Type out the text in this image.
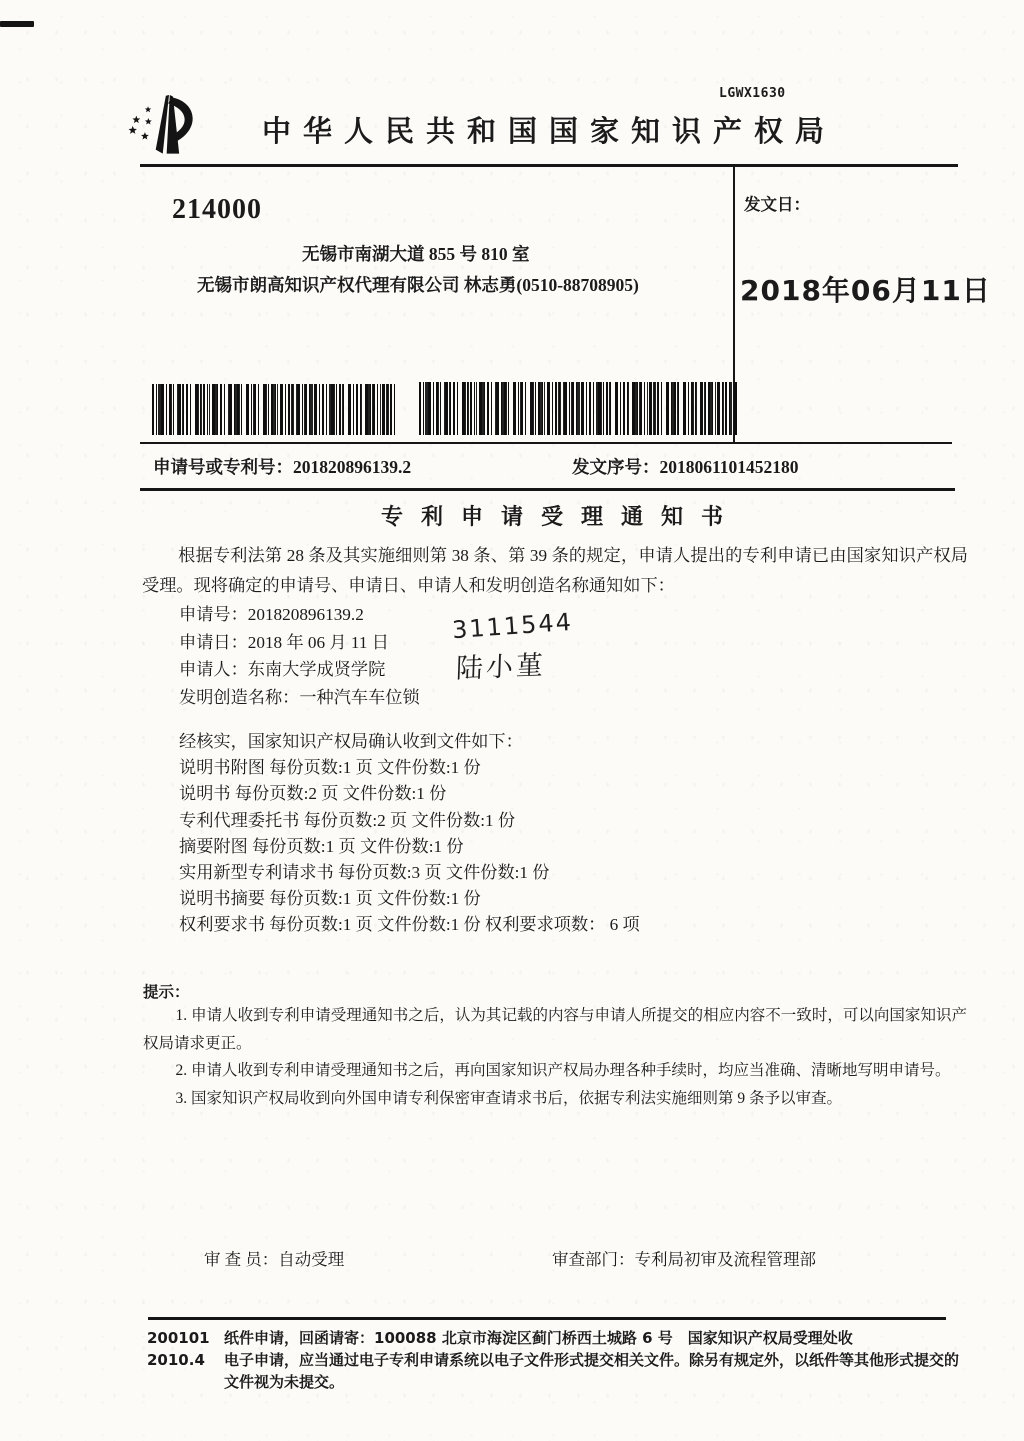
LGWX1630
中华人民共和国国家知识产权局
214000
无锡市南湖大道 855 号 810 室
无锡市朗高知识产权代理有限公司 林志勇(0510-88708905)
发文日：
2018年06月11日
申请号或专利号：201820896139.2	发文序号：2018061101452180
专利申请受理通知书

根据专利法第 28 条及其实施细则第 38 条、第 39 条的规定，申请人提出的专利申请已由国家知识产权局受理。现将确定的申请号、申请日、申请人和发明创造名称通知如下：

申请号：201820896139.2
申请日：2018 年 06 月 11 日
申请人：东南大学成贤学院
发明创造名称：一种汽车车位锁
3111544
陆小堇
经核实，国家知识产权局确认收到文件如下：
说明书附图 每份页数:1 页 文件份数:1 份
说明书 每份页数:2 页 文件份数:1 份
专利代理委托书 每份页数:2 页 文件份数:1 份
摘要附图 每份页数:1 页 文件份数:1 份
实用新型专利请求书 每份页数:3 页 文件份数:1 份
说明书摘要 每份页数:1 页 文件份数:1 份
权利要求书 每份页数:1 页 文件份数:1 份 权利要求项数： 6 项
提示：

1. 申请人收到专利申请受理通知书之后，认为其记载的内容与申请人所提交的相应内容不一致时，可以向国家知识产权局请求更正。

2. 申请人收到专利申请受理通知书之后，再向国家知识产权局办理各种手续时，均应当准确、清晰地写明申请号。

3. 国家知识产权局收到向外国申请专利保密审查请求书后，依据专利法实施细则第 9 条予以审查。

审 查 员：自动受理	审查部门：专利局初审及流程管理部
200101
2010.4
纸件申请，回函请寄：100088 北京市海淀区蓟门桥西土城路 6 号　国家知识产权局受理处收
电子申请，应当通过电子专利申请系统以电子文件形式提交相关文件。除另有规定外，以纸件等其他形式提交的
文件视为未提交。
